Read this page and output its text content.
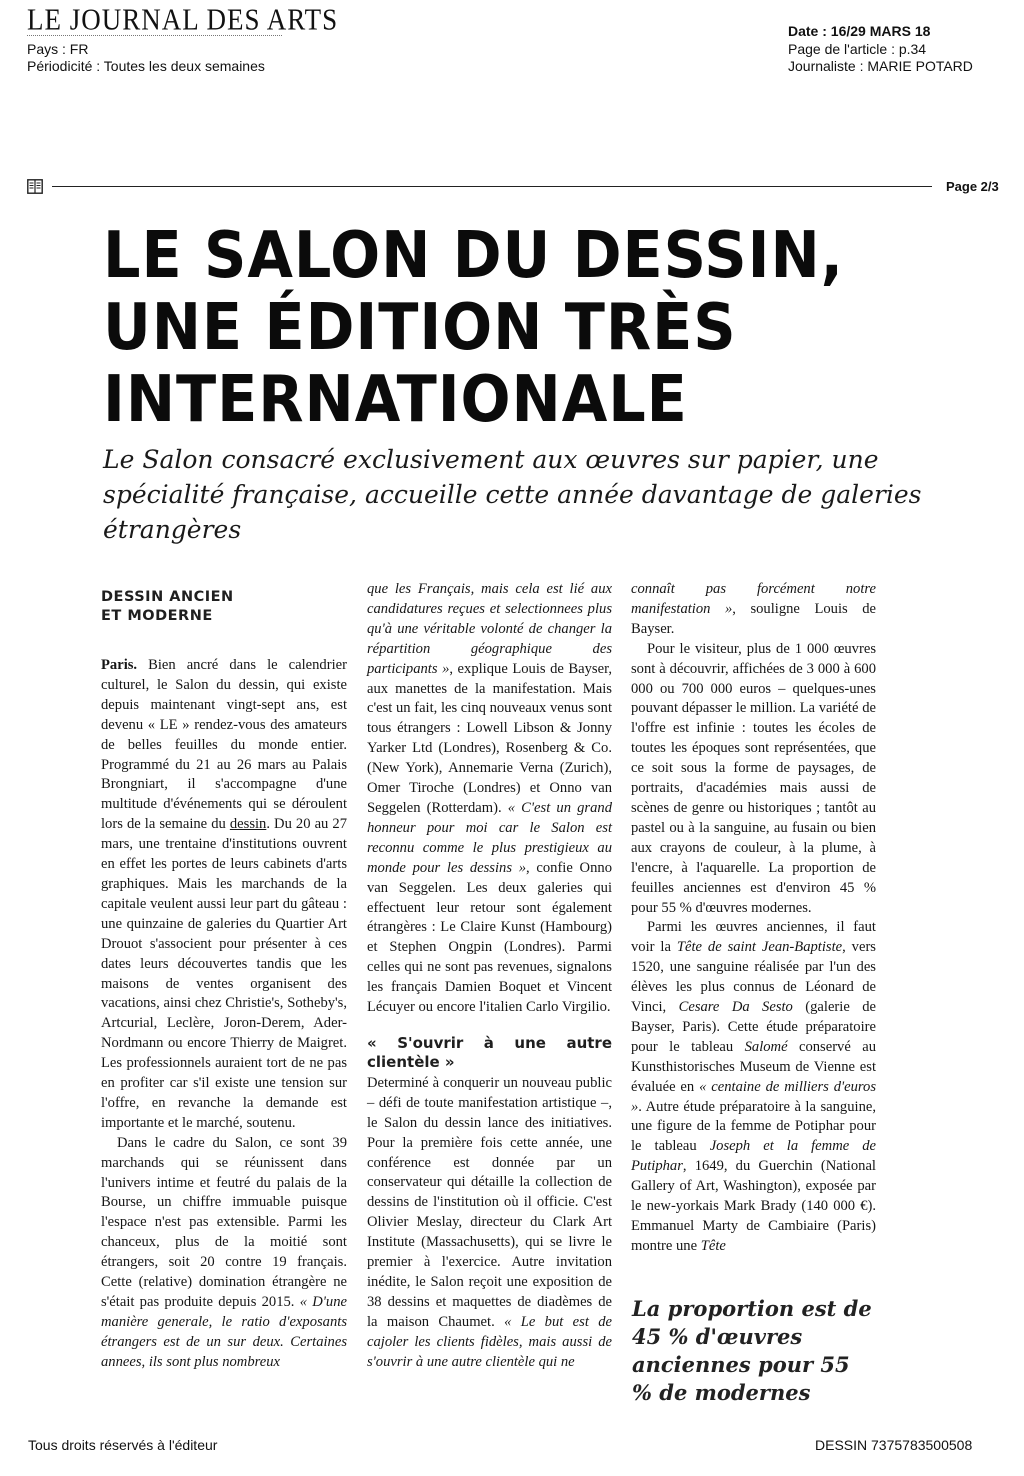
LE JOURNAL DES ARTS
Pays : FR
Périodicité : Toutes les deux semaines
Date : 16/29 MARS 18
Page de l'article : p.34
Journaliste : MARIE POTARD
Page 2/3
LE SALON DU DESSIN,
UNE ÉDITION TRÈS
INTERNATIONALE
Le Salon consacré exclusivement aux œuvres sur papier, une spécialité française, accueille cette année davantage de galeries étrangères
DESSIN ANCIEN
ET MODERNE

Paris. Bien ancré dans le calendrier culturel, le Salon du dessin, qui existe depuis maintenant vingt-sept ans, est devenu « LE » rendez-vous des amateurs de belles feuilles du monde entier. Programmé du 21 au 26 mars au Palais Brongniart, il s'accompagne d'une multitude d'événements qui se déroulent lors de la semaine du dessin. Du 20 au 27 mars, une trentaine d'institutions ouvrent en effet les portes de leurs cabinets d'arts graphiques. Mais les marchands de la capitale veulent aussi leur part du gâteau : une quinzaine de galeries du Quartier Art Drouot s'associent pour présenter à ces dates leurs découvertes tandis que les maisons de ventes organisent des vacations, ainsi chez Christie's, Sotheby's, Artcurial, Leclère, Joron-Derem, Ader-Nordmann ou encore Thierry de Maigret. Les professionnels auraient tort de ne pas en profiter car s'il existe une tension sur l'offre, en revanche la demande est importante et le marché, soutenu.

Dans le cadre du Salon, ce sont 39 marchands qui se réunissent dans l'univers intime et feutré du palais de la Bourse, un chiffre immuable puisque l'espace n'est pas extensible. Parmi les chanceux, plus de la moitié sont étrangers, soit 20 contre 19 français. Cette (relative) domination étrangère ne s'était pas produite depuis 2015. « D'une manière generale, le ratio d'exposants étrangers est de un sur deux. Certaines annees, ils sont plus nombreux

que les Français, mais cela est lié aux candidatures reçues et selectionnees plus qu'à une véritable volonté de changer la répartition géographique des participants », explique Louis de Bayser, aux manettes de la manifestation. Mais c'est un fait, les cinq nouveaux venus sont tous étrangers : Lowell Libson & Jonny Yarker Ltd (Londres), Rosenberg & Co. (New York), Annemarie Verna (Zurich), Omer Tiroche (Londres) et Onno van Seggelen (Rotterdam). « C'est un grand honneur pour moi car le Salon est reconnu comme le plus prestigieux au monde pour les dessins », confie Onno van Seggelen. Les deux galeries qui effectuent leur retour sont également étrangères : Le Claire Kunst (Hambourg) et Stephen Ongpin (Londres). Parmi celles qui ne sont pas revenues, signalons les français Damien Boquet et Vincent Lécuyer ou encore l'italien Carlo Virgilio.

« S'ouvrir à une autre clientèle »

Determiné à conquerir un nouveau public – défi de toute manifestation artistique –, le Salon du dessin lance des initiatives. Pour la première fois cette année, une conférence est donnée par un conservateur qui détaille la collection de dessins de l'institution où il officie. C'est Olivier Meslay, directeur du Clark Art Institute (Massachusetts), qui se livre le premier à l'exercice. Autre invitation inédite, le Salon reçoit une exposition de 38 dessins et maquettes de diadèmes de la maison Chaumet. « Le but est de cajoler les clients fidèles, mais aussi de s'ouvrir à une autre clientèle qui ne

connaît pas forcément notre manifestation », souligne Louis de Bayser.

Pour le visiteur, plus de 1 000 œuvres sont à découvrir, affichées de 3 000 à 600 000 ou 700 000 euros – quelques-unes pouvant dépasser le million. La variété de l'offre est infinie : toutes les écoles de toutes les époques sont représentées, que ce soit sous la forme de paysages, de portraits, d'académies mais aussi de scènes de genre ou historiques ; tantôt au pastel ou à la sanguine, au fusain ou bien aux crayons de couleur, à la plume, à l'encre, à l'aquarelle. La proportion de feuilles anciennes est d'environ 45 % pour 55 % d'œuvres modernes.

Parmi les œuvres anciennes, il faut voir la Tête de saint Jean-Baptiste, vers 1520, une sanguine réalisée par l'un des élèves les plus connus de Léonard de Vinci, Cesare Da Sesto (galerie de Bayser, Paris). Cette étude préparatoire pour le tableau Salomé conservé au Kunsthistorisches Museum de Vienne est évaluée en « centaine de milliers d'euros ». Autre étude préparatoire à la sanguine, une figure de la femme de Potiphar pour le tableau Joseph et la femme de Putiphar, 1649, du Guerchin (National Gallery of Art, Washington), exposée par le new-yorkais Mark Brady (140 000 €). Emmanuel Marty de Cambiaire (Paris) montre une Tête

La proportion est de 45 % d'œuvres anciennes pour 55 % de modernes
Tous droits réservés à l'éditeur	DESSIN 7375783500508
